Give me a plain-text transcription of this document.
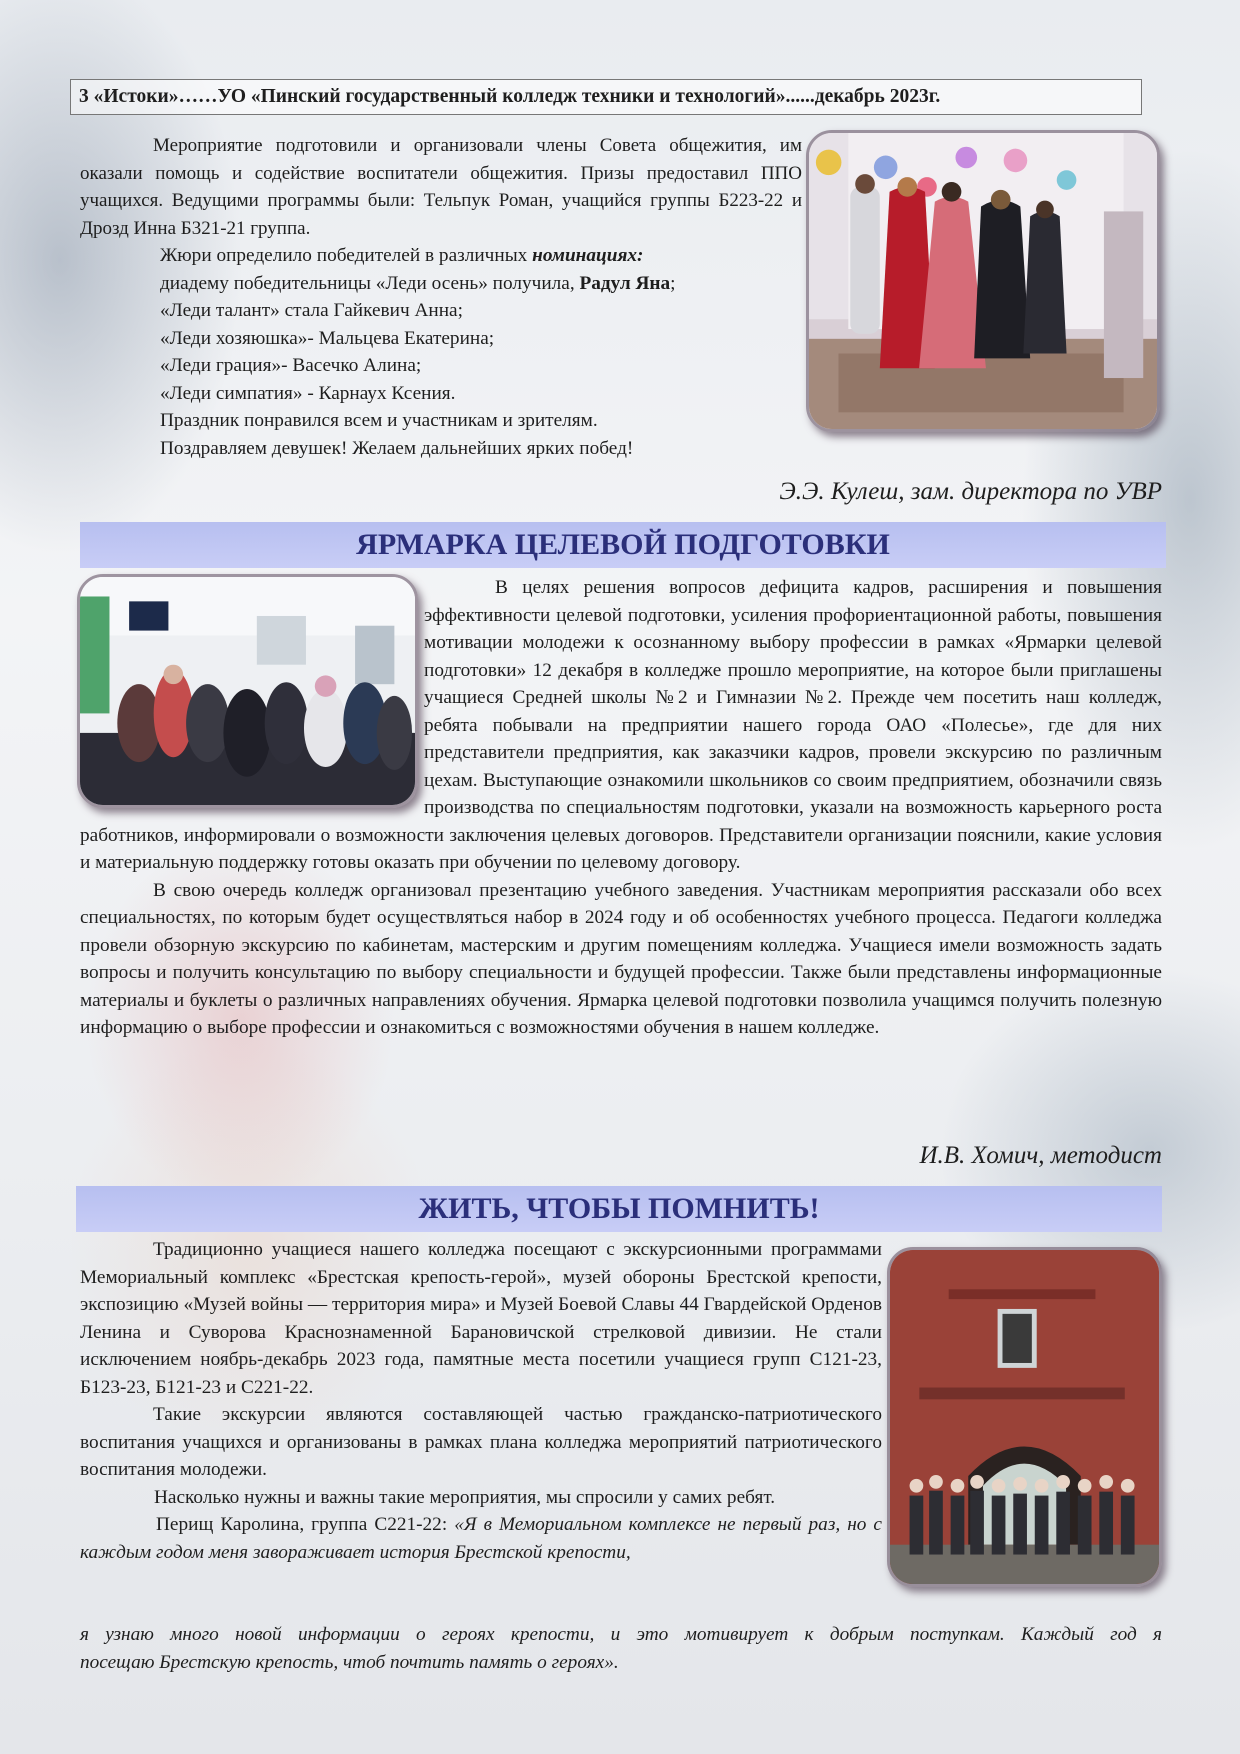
3 «Истоки»……УО «Пинский государственный колледж техники и технологий»......декабрь 2023г.

Мероприятие подготовили и организовали члены Совета общежития, им оказали помощь и содействие воспитатели общежития. Призы предоставил ППО учащихся. Ведущими программы были: Тельпук Роман, учащийся группы Б223-22 и Дрозд Инна Б321-21 группа.

Жюри определило победителей в различных номинациях:

диадему победительницы «Леди осень» получила, Радул Яна;

«Леди талант» стала Гайкевич Анна;

«Леди хозяюшка»- Мальцева Екатерина;

«Леди грация»- Васечко Алина;

«Леди симпатия» - Карнаух Ксения.

Праздник понравился всем и участникам и зрителям.

Поздравляем девушек! Желаем дальнейших ярких побед!

Э.Э. Кулеш, зам. директора по УВР
ЯРМАРКА ЦЕЛЕВОЙ ПОДГОТОВКИ

В целях решения вопросов дефицита кадров, расширения и повышения эффективности целевой подготовки, усиления профориентационной работы, повышения мотивации молодежи к осознанному выбору профессии в рамках «Ярмарки целевой подготовки» 12 декабря в колледже прошло мероприятие, на которое были приглашены учащиеся Средней школы №2 и Гимназии №2. Прежде чем посетить наш колледж, ребята побывали на предприятии нашего города ОАО «Полесье», где для них представители предприятия, как заказчики кадров, провели экскурсию по различным цехам. Выступающие ознакомили школьников со своим предприятием, обозначили связь производства по специальностям подготовки, указали на возможность карьерного роста работников, информировали о возможности заключения целевых договоров. Представители организации пояснили, какие условия и материальную поддержку готовы оказать при обучении по целевому договору.

В свою очередь колледж организовал презентацию учебного заведения. Участникам мероприятия рассказали обо всех специальностях, по которым будет осуществляться набор в 2024 году и об особенностях учебного процесса. Педагоги колледжа провели обзорную экскурсию по кабинетам, мастерским и другим помещениям колледжа. Учащиеся имели возможность задать вопросы и получить консультацию по выбору специальности и будущей профессии. Также были представлены информационные материалы и буклеты о различных направлениях обучения. Ярмарка целевой подготовки позволила учащимся получить полезную информацию о выборе профессии и ознакомиться с возможностями обучения в нашем колледже.

И.В. Хомич, методист
ЖИТЬ, ЧТОБЫ ПОМНИТЬ!

Традиционно учащиеся нашего колледжа посещают с экскурсионными программами Мемориальный комплекс «Брестская крепость-герой», музей обороны Брестской крепости, экспозицию «Музей войны — территория мира» и Музей Боевой Славы 44 Гвардейской Орденов Ленина и Суворова Краснознаменной Барановичской стрелковой дивизии. Не стали исключением ноябрь-декабрь 2023 года, памятные места посетили учащиеся групп С121-23, Б123-23, Б121-23 и С221-22.

Такие экскурсии являются составляющей частью гражданско-патриотического воспитания учащихся и организованы в рамках плана колледжа мероприятий патриотического воспитания молодежи.

Насколько нужны и важны такие мероприятия, мы спросили у самих ребят.

Перищ Каролина, группа С221-22: «Я в Мемориальном комплексе не первый раз, но с каждым годом меня завораживает история Брестской крепости,

я узнаю много новой информации о героях крепости, и это мотивирует к добрым поступкам. Каждый год я

посещаю Брестскую крепость, чтоб почтить память о героях».
